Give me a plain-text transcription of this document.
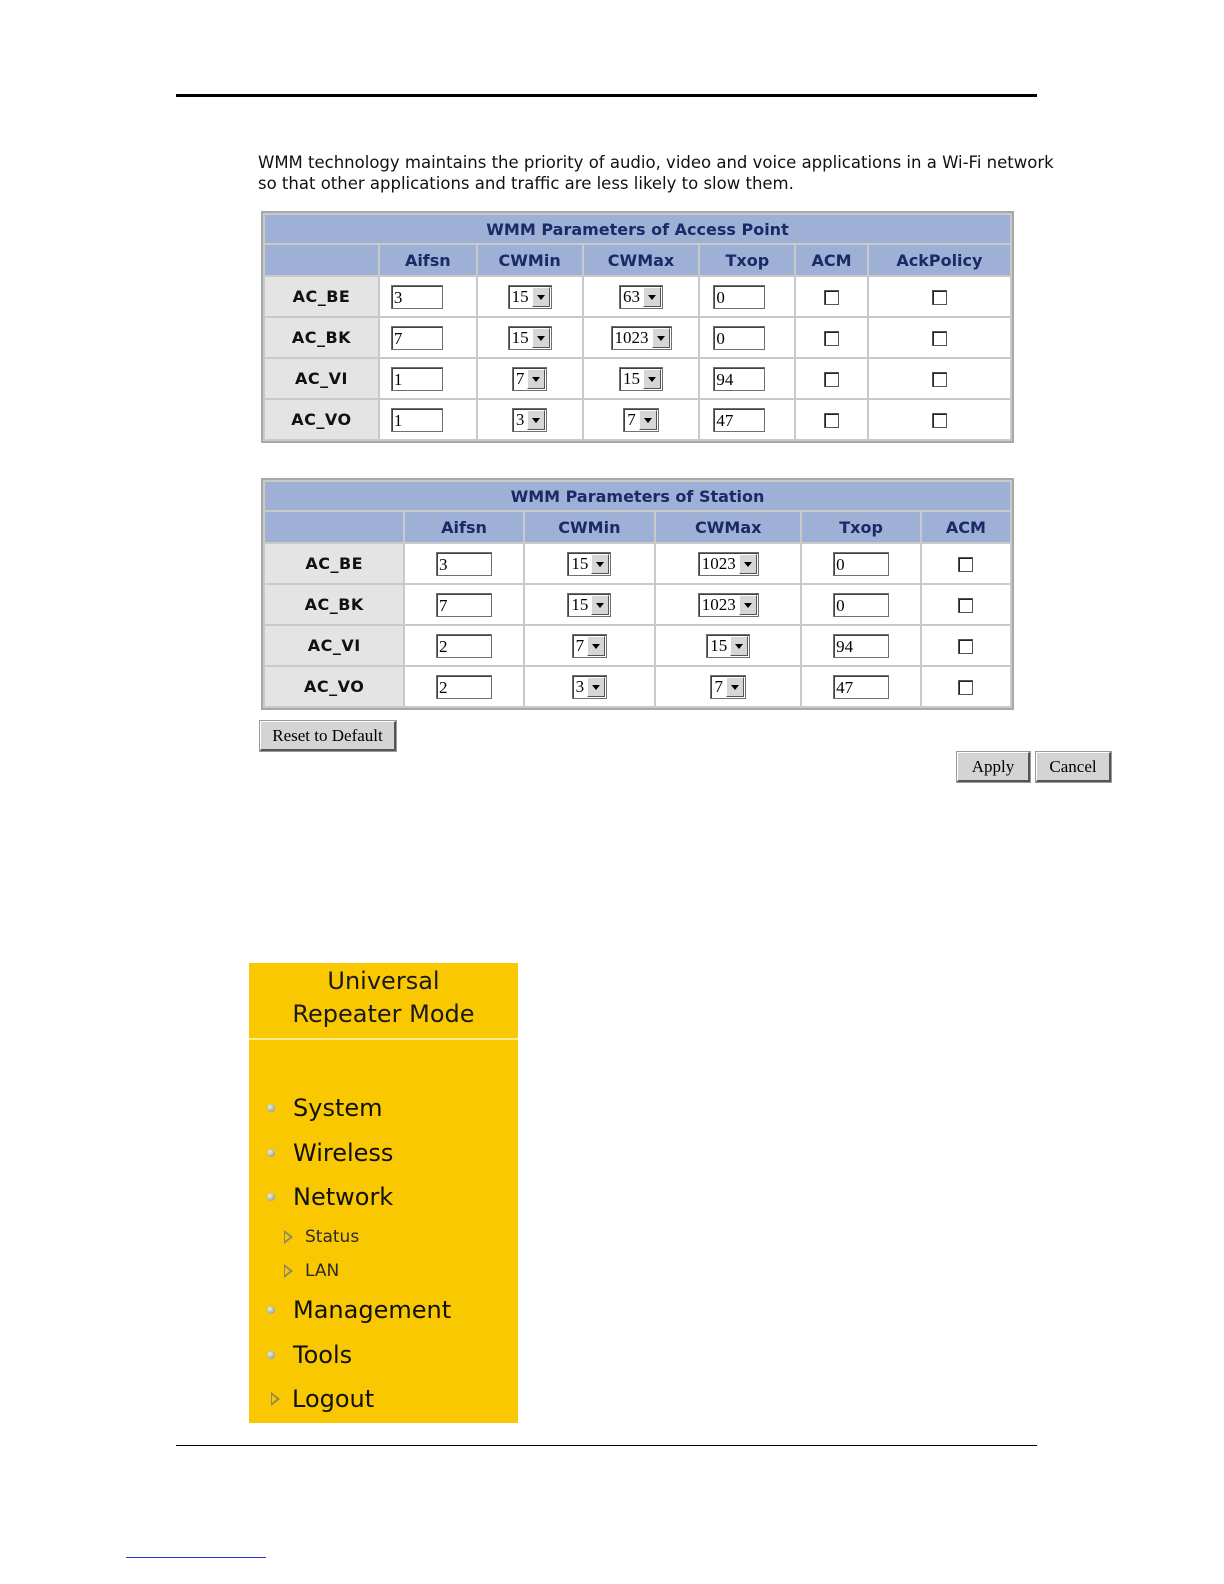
WMM technology maintains the priority of audio, video and voice applications in a Wi-Fi network
so that other applications and traffic are less likely to slow them.
WMM Parameters of Access Point						
	Aifsn	CWMin	CWMax	Txop	ACM	AckPolicy
AC_BE	3	15	63	0		
AC_BK	7	15	1023	0		
AC_VI	1	7	15	94		
AC_VO	1	3	7	47		
WMM Parameters of Station					
	Aifsn	CWMin	CWMax	Txop	ACM
AC_BE	3	15	1023	0	
AC_BK	7	15	1023	0	
AC_VI	2	7	15	94	
AC_VO	2	3	7	47	
Reset to Default
Apply	Cancel
Universal
Repeater Mode
System
Wireless
Network
Status
LAN
Management
Tools
Logout
